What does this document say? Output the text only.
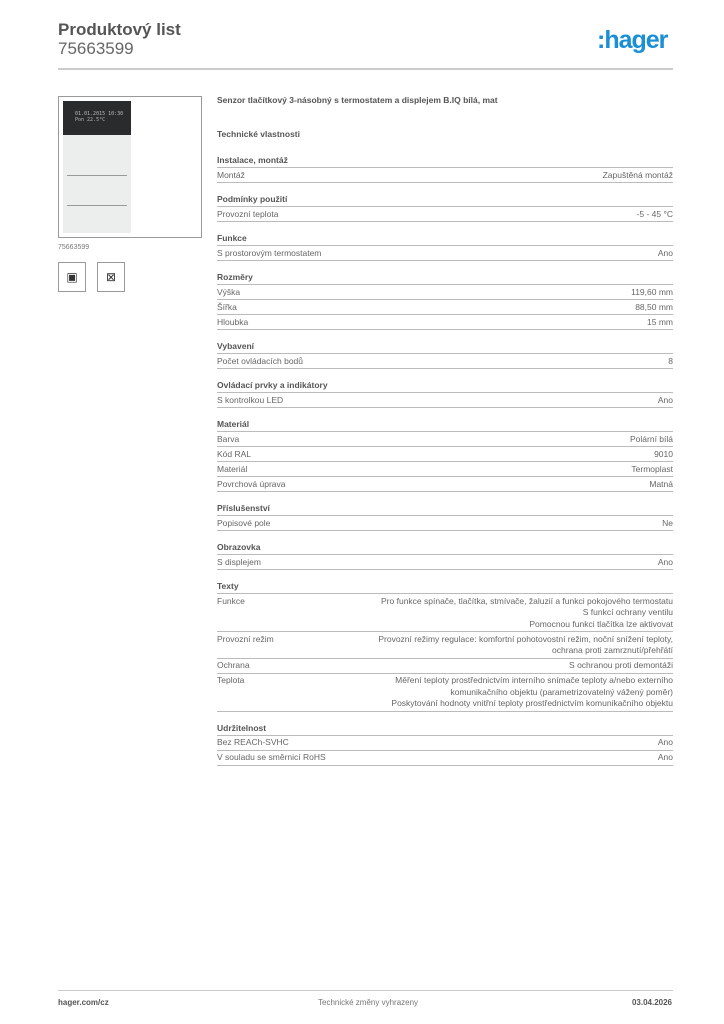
Produktový list
75663599	:hager
01.01.2015 10:30
Pon 22.5°C
75663599
▣	⊠
Senzor tlačítkový 3-násobný s termostatem a displejem B.IQ bílá, mat
Technické vlastnosti
Instalace, montáž
Montáž	Zapuštěná montáž
Podmínky použití
Provozní teplota	-5 - 45 °C
Funkce
S prostorovým termostatem	Ano
Rozměry
Výška	119,60 mm
Šířka	88,50 mm
Hloubka	15 mm
Vybavení
Počet ovládacích bodů	8
Ovládací prvky a indikátory
S kontrolkou LED	Ano
Materiál
Barva	Polární bílá
Kód RAL	9010
Materiál	Termoplast
Povrchová úprava	Matná
Příslušenství
Popisové pole	Ne
Obrazovka
S displejem	Ano
Texty
Funkce	Pro funkce spínače, tlačítka, stmívače, žaluzií a funkci pokojového termostatu
S funkcí ochrany ventilu
Pomocnou funkci tlačítka lze aktivovat
Provozní režim	Provozní režimy regulace: komfortní pohotovostní režim, noční snížení teploty,
ochrana proti zamrznutí/přehřátí
Ochrana	S ochranou proti demontáži
Teplota	Měření teploty prostřednictvím interního snímače teploty a/nebo externího
komunikačního objektu (parametrizovatelný vážený poměr)
Poskytování hodnoty vnitřní teploty prostřednictvím komunikačního objektu
Udržitelnost
Bez REACh-SVHC	Ano
V souladu se směrnicí RoHS	Ano
hager.com/cz	Technické změny vyhrazeny	03.04.2026
